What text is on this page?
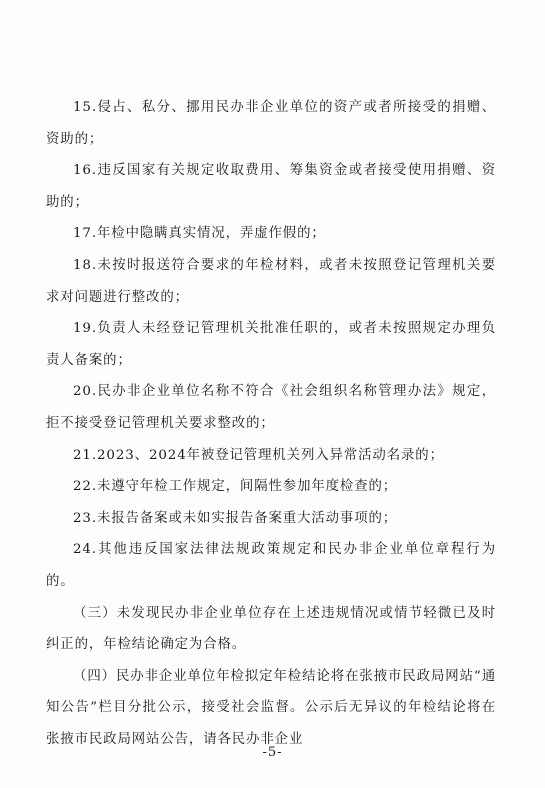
15.侵占、私分、挪用民办非企业单位的资产或者所接受的捐赠、资助的；

16.违反国家有关规定收取费用、筹集资金或者接受使用捐赠、资助的；

17.年检中隐瞒真实情况，弄虚作假的；

18.未按时报送符合要求的年检材料，或者未按照登记管理机关要求对问题进行整改的；

19.负责人未经登记管理机关批准任职的，或者未按照规定办理负责人备案的；

20.民办非企业单位名称不符合《社会组织名称管理办法》规定，拒不接受登记管理机关要求整改的；

21.2023、2024年被登记管理机关列入异常活动名录的；

22.未遵守年检工作规定，间隔性参加年度检查的；

23.未报告备案或未如实报告备案重大活动事项的；

24.其他违反国家法律法规政策规定和民办非企业单位章程行为的。

（三）未发现民办非企业单位存在上述违规情况或情节轻微已及时纠正的，年检结论确定为合格。

（四）民办非企业单位年检拟定年检结论将在张掖市民政局网站“通知公告”栏目分批公示，接受社会监督。公示后无异议的年检结论将在张掖市民政局网站公告，请各民办非企业

-5-
